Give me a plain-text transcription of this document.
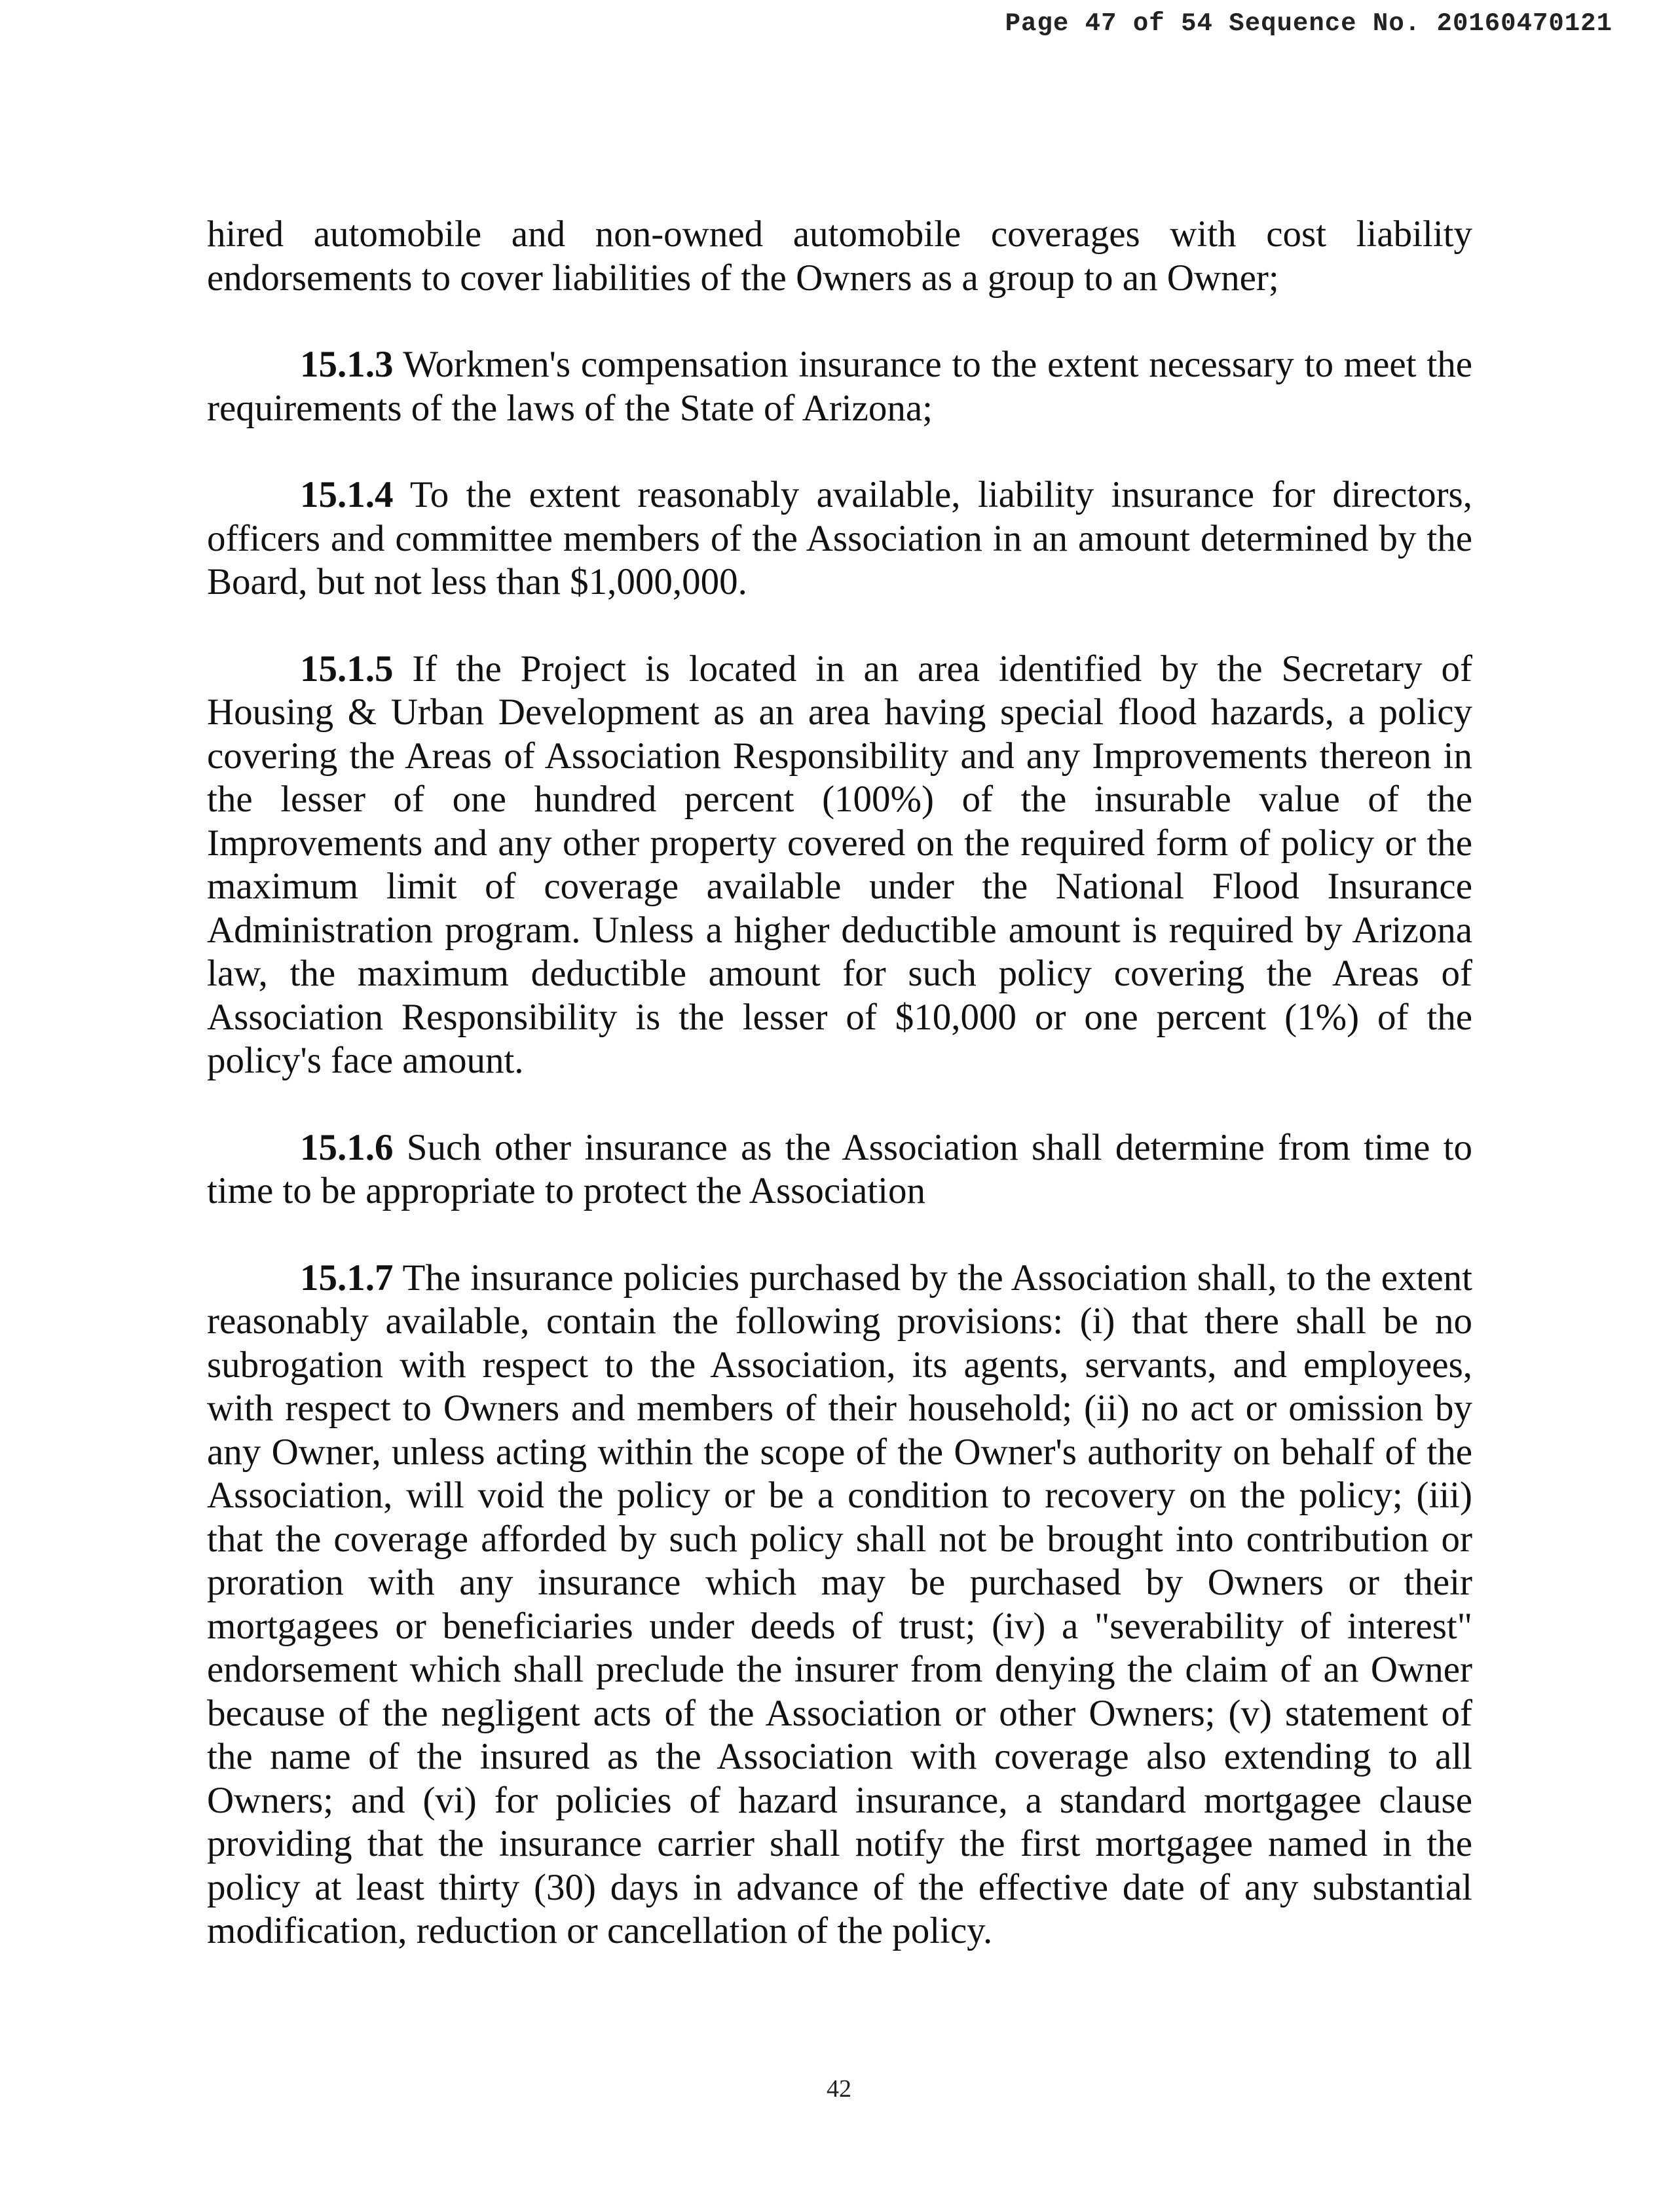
Page 47 of 54 Sequence No. 20160470121

hired automobile and non-owned automobile coverages with cost liability endorsements to cover liabilities of the Owners as a group to an Owner;

15.1.3 Workmen's compensation insurance to the extent necessary to meet the requirements of the laws of the State of Arizona;

15.1.4 To the extent reasonably available, liability insurance for directors, officers and committee members of the Association in an amount determined by the Board, but not less than $1,000,000.

15.1.5 If the Project is located in an area identified by the Secretary of Housing & Urban Development as an area having special flood hazards, a policy covering the Areas of Association Responsibility and any Improvements thereon in the lesser of one hundred percent (100%) of the insurable value of the Improvements and any other property covered on the required form of policy or the maximum limit of coverage available under the National Flood Insurance Administration program. Unless a higher deductible amount is required by Arizona law, the maximum deductible amount for such policy covering the Areas of Association Responsibility is the lesser of $10,000 or one percent (1%) of the policy's face amount.

15.1.6 Such other insurance as the Association shall determine from time to time to be appropriate to protect the Association

15.1.7 The insurance policies purchased by the Association shall, to the extent reasonably available, contain the following provisions: (i) that there shall be no subrogation with respect to the Association, its agents, servants, and employees, with respect to Owners and members of their household; (ii) no act or omission by any Owner, unless acting within the scope of the Owner's authority on behalf of the Association, will void the policy or be a condition to recovery on the policy; (iii) that the coverage afforded by such policy shall not be brought into contribution or proration with any insurance which may be purchased by Owners or their mortgagees or beneficiaries under deeds of trust; (iv) a "severability of interest" endorsement which shall preclude the insurer from denying the claim of an Owner because of the negligent acts of the Association or other Owners; (v) statement of the name of the insured as the Association with coverage also extending to all Owners; and (vi) for policies of hazard insurance, a standard mortgagee clause providing that the insurance carrier shall notify the first mortgagee named in the policy at least thirty (30) days in advance of the effective date of any substantial modification, reduction or cancellation of the policy.

42
